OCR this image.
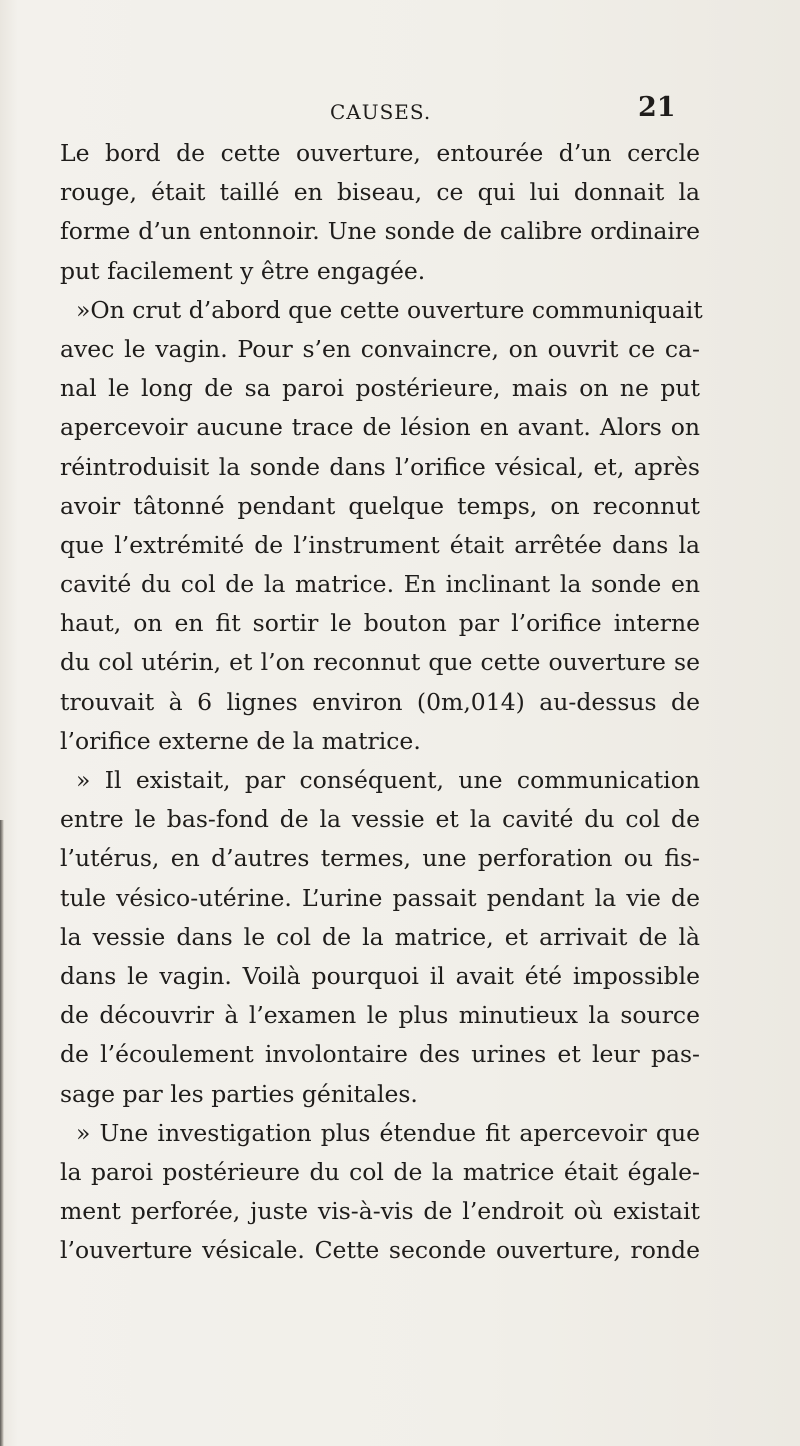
CAUSES.	21
Le bord de cette ouverture, entourée d’un cercle
rouge, était taillé en biseau, ce qui lui donnait la
forme d’un entonnoir. Une sonde de calibre ordinaire
put facilement y être engagée.
»On crut d’abord que cette ouverture communiquait
avec le vagin. Pour s’en convaincre, on ouvrit ce ca-
nal le long de sa paroi postérieure, mais on ne put
apercevoir aucune trace de lésion en avant. Alors on
réintroduisit la sonde dans l’orifice vésical, et, après
avoir tâtonné pendant quelque temps, on reconnut
que l’extrémité de l’instrument était arrêtée dans la
cavité du col de la matrice. En inclinant la sonde en
haut, on en fit sortir le bouton par l’orifice interne
du col utérin, et l’on reconnut que cette ouverture se
trouvait à 6 lignes environ (0m,014) au-dessus de
l’orifice externe de la matrice.
» Il existait, par conséquent, une communication
entre le bas-fond de la vessie et la cavité du col de
l’utérus, en d’autres termes, une perforation ou fis-
tule vésico-utérine. L’urine passait pendant la vie de
la vessie dans le col de la matrice, et arrivait de là
dans le vagin. Voilà pourquoi il avait été impossible
de découvrir à l’examen le plus minutieux la source
de l’écoulement involontaire des urines et leur pas-
sage par les parties génitales.
» Une investigation plus étendue fit apercevoir que
la paroi postérieure du col de la matrice était égale-
ment perforée, juste vis-à-vis de l’endroit où existait
l’ouverture vésicale. Cette seconde ouverture, ronde
